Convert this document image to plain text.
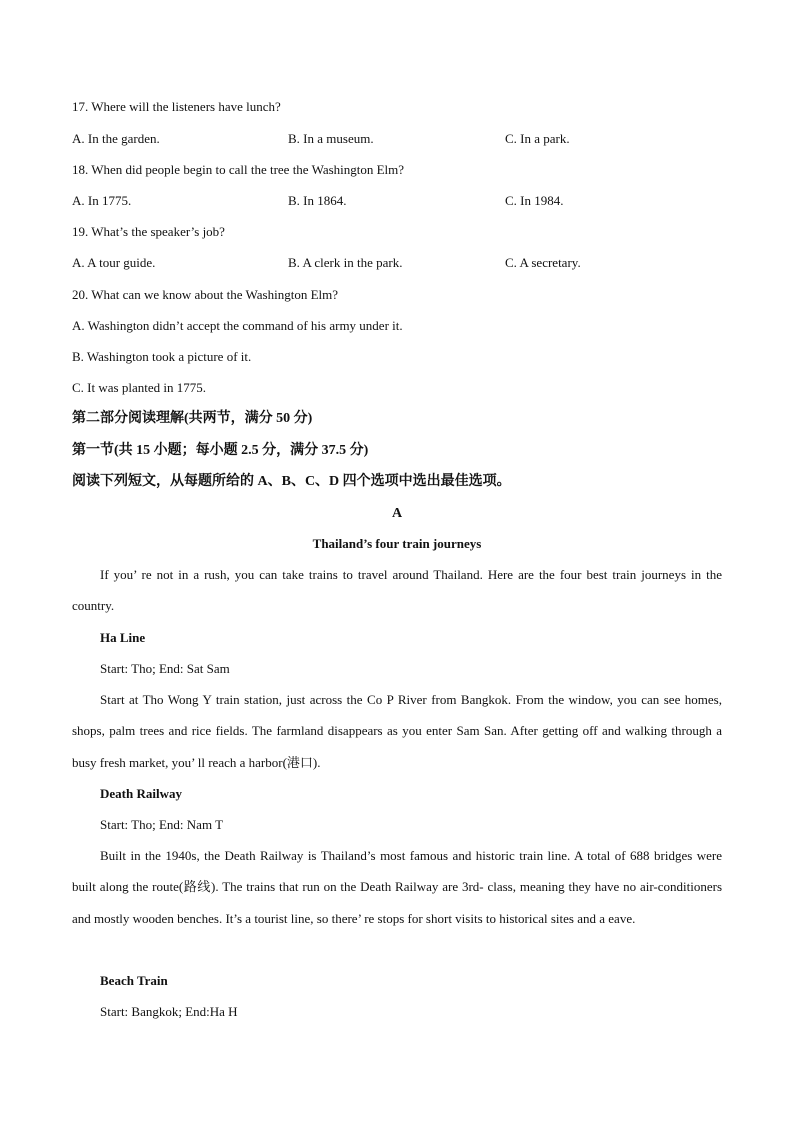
17. Where will the listeners have lunch?
A. In the garden.	B. In a museum.	C. In a park.
18. When did people begin to call the tree the Washington Elm?
A. In 1775.	B. In 1864.	C. In 1984.
19. What’s the speaker’s job?
A. A tour guide.	B. A clerk in the park.	C. A secretary.
20. What can we know about the Washington Elm?
A. Washington didn’t accept the command of his army under it.
B. Washington took a picture of it.
C. It was planted in 1775.
第二部分阅读理解(共两节，满分 50 分)
第一节(共 15 小题；每小题 2.5 分，满分 37.5 分)
阅读下列短文，从每题所给的 A、B、C、D 四个选项中选出最佳选项。
A
Thailand’s four train journeys
If you’ re not in a rush, you can take trains to travel around Thailand. Here are the four best train journeys in the country.
Ha Line
Start: Tho; End: Sat Sam
Start at Tho Wong Y train station, just across the Co P River from Bangkok. From the window, you can see homes, shops, palm trees and rice fields. The farmland disappears as you enter Sam San. After getting off and walking through a busy fresh market, you’ ll reach a harbor(港口).
Death Railway
Start: Tho; End: Nam T
Built in the 1940s, the Death Railway is Thailand’s most famous and historic train line. A total of 688 bridges were built along the route(路线). The trains that run on the Death Railway are 3rd- class, meaning they have no air-conditioners and mostly wooden benches. It’s a tourist line, so there’ re stops for short visits to historical sites and a eave.
Beach Train
Start: Bangkok; End:Ha H
